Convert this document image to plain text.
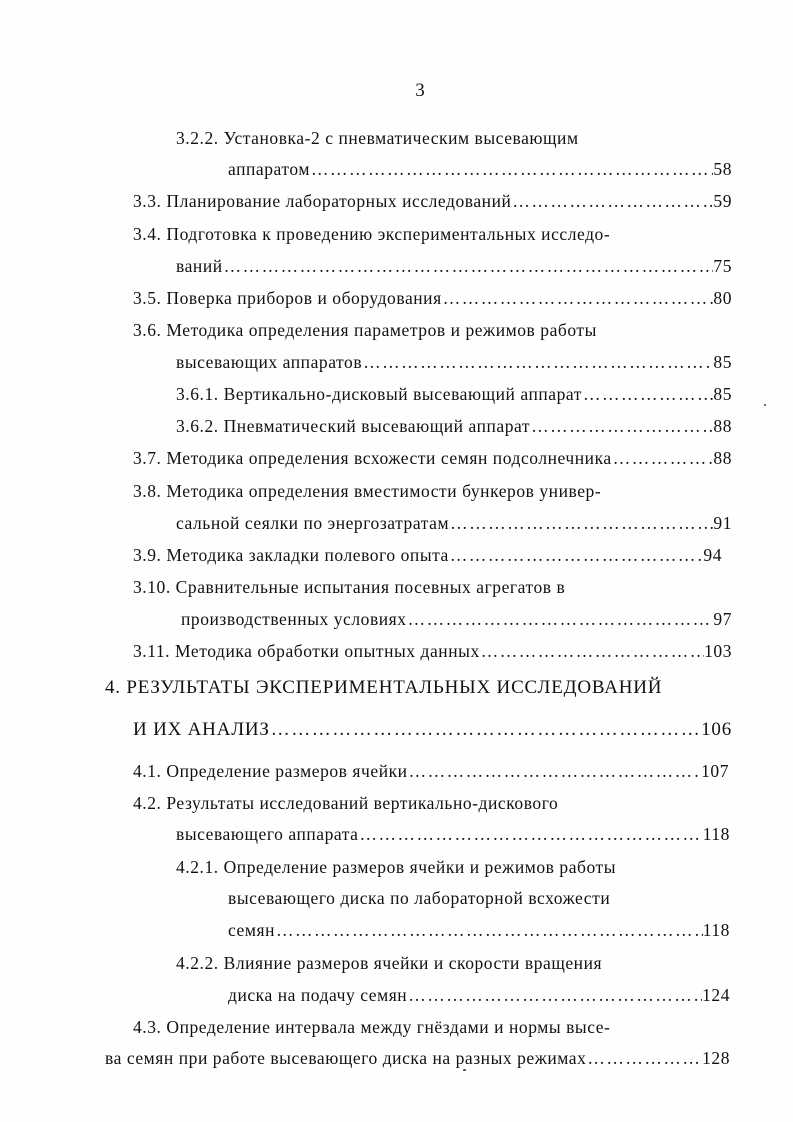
3
3.2.2. Установка-2 с пневматическим высевающим
аппаратом ………………………………………………………………………………………………………………………………………………………………	58
3.3. Планирование лабораторных исследований ………………………………………………………………………………………………………………………………………………………………	59
3.4. Подготовка к проведению экспериментальных исследо-
ваний ………………………………………………………………………………………………………………………………………………………………	75
3.5. Поверка приборов и оборудования ………………………………………………………………………………………………………………………………………………………………	80
3.6. Методика определения параметров и режимов работы
высевающих аппаратов ………………………………………………………………………………………………………………………………………………………………	85
3.6.1. Вертикально-дисковый высевающий аппарат ………………………………………………………………………………………………………………………………………………………………	85
3.6.2. Пневматический высевающий аппарат ………………………………………………………………………………………………………………………………………………………………	88
3.7. Методика определения всхожести семян подсолнечника ………………………………………………………………………………………………………………………………………………………………	88
3.8. Методика определения вместимости бункеров универ-
сальной сеялки по энергозатратам ………………………………………………………………………………………………………………………………………………………………	91
3.9. Методика закладки полевого опыта ………………………………………………………………………………………………………………………………………………………………	94
3.10. Сравнительные испытания посевных агрегатов в
производственных условиях ………………………………………………………………………………………………………………………………………………………………	97
3.11. Методика обработки опытных данных ………………………………………………………………………………………………………………………………………………………………	103
4. РЕЗУЛЬТАТЫ ЭКСПЕРИМЕНТАЛЬНЫХ ИССЛЕДОВАНИЙ
И ИХ АНАЛИЗ ………………………………………………………………………………………………………………………………………………………………	106
4.1. Определение размеров ячейки ………………………………………………………………………………………………………………………………………………………………	107
4.2. Результаты исследований вертикально-дискового
высевающего аппарата ………………………………………………………………………………………………………………………………………………………………	118
4.2.1. Определение размеров ячейки и режимов работы
высевающего диска по лабораторной всхожести
семян ………………………………………………………………………………………………………………………………………………………………	118
4.2.2. Влияние размеров ячейки и скорости вращения
диска на подачу семян ………………………………………………………………………………………………………………………………………………………………	124
4.3. Определение интервала между гнёздами и нормы высе-
ва семян при работе высевающего диска на разных режимах ………………………………………………………………………………………………………………………………………………………………	128
